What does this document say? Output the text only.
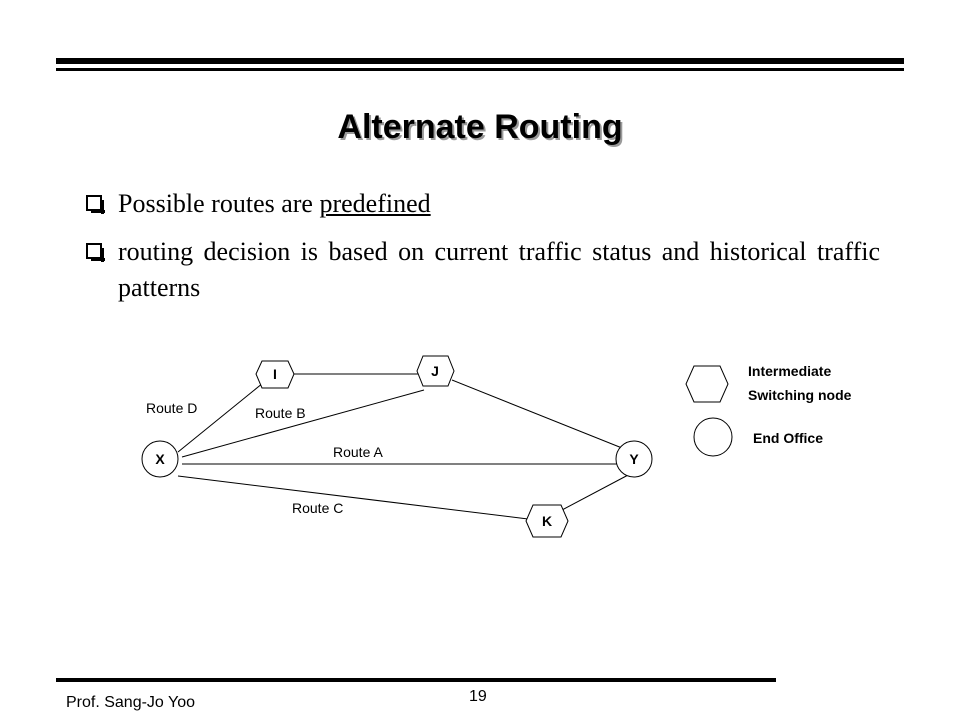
Alternate Routing
Possible routes are predefined
routing decision is based on current traffic status and historical traffic patterns
I	J
K
X	Y
Route D	Route B
Route A
Route C
Intermediate
Switching node
End Office
19
Prof. Sang-Jo Yoo
